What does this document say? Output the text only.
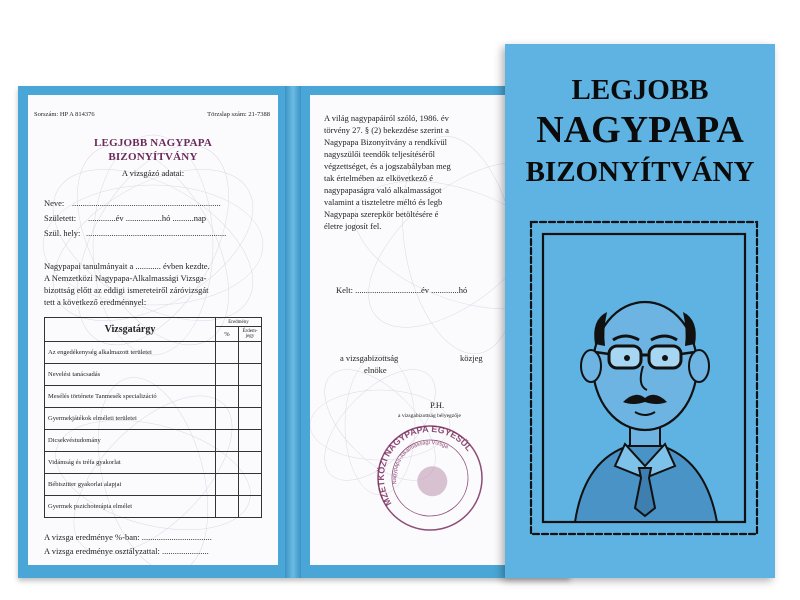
Sorszám: HP A 814376	Törzslap szám: 21-7388
LEGJOBB NAGYPAPA
BIZONYÍTVÁNY
A vizsgázó adatai:
Neve: ......................................................................
Született: .............év .................hó ..........nap
Szül. hely: ..................................................................
Nagypapai tanulmányait a ............ évben kezdte.
A Nemzetközi Nagypapa-Alkalmassági Vizsga-
bizottság előtt az eddigi ismereteiről záróvizsgát
tett a következő eredménnyel:
Vizsgatárgy	Eredmény	
	%	Érdem-jegy
Az engedékenység alkalmazott területei		
Nevelési tanácsadás		
Mesélés története Tanmesék specializáció		
Gyermekjátékok elméleti területei		
Dicsekvéstudomány		
Vidámság és tréfa gyakorlat		
Bébiszitter gyakorlat alapjai		
Gyermek pszichoterápia elmélet		
A vizsga eredménye %-ban: .................................
A vizsga eredménye osztályzattal: ......................
A világ nagypapáiról szóló, 1986. év
törvény 27. § (2) bekezdése szerint a
Nagypapa Bizonyítvány a rendkívül
nagyszülői teendők teljesítéséről
végzettséget, és a jogszabályban meg
tak értelmében az elkövetkező é
nagypapaságra való alkalmasságot
valamint a tiszteletre méltó és legb
Nagypapa szerepkör betöltésére é
életre jogosít fel.
Kelt: ...............................év .............hó
a vizsgabizottság
elnöke
közjeg
P.H.
a vizsgabizottság bélyegzője
NEMZETKÖZI NAGYPAPA EGYESÜLET
Nagypapa-Alkalmassági Vizsga
LEGJOBB
NAGYPAPA
BIZONYÍTVÁNY
